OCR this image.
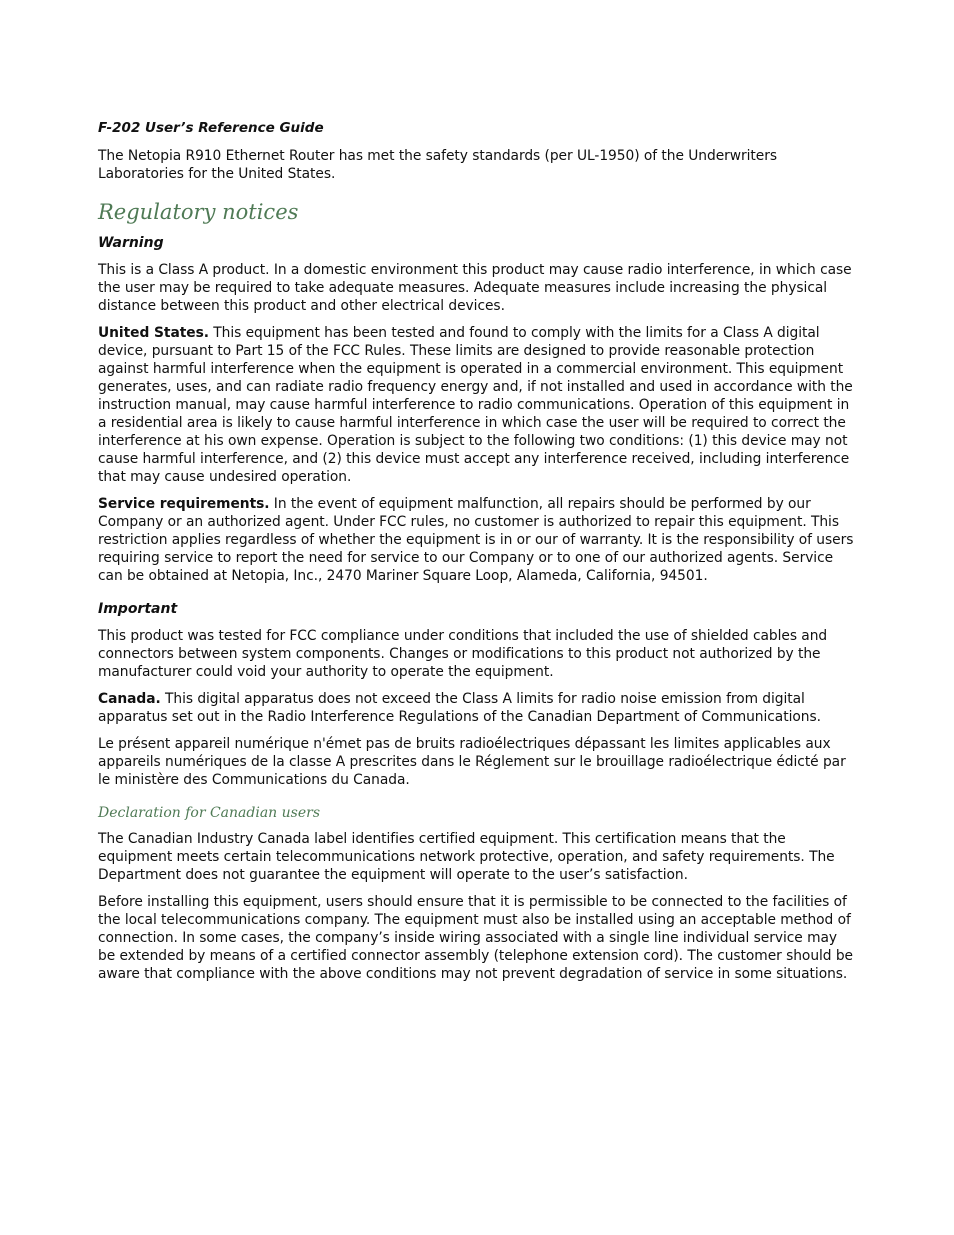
F-202 User’s Reference Guide

The Netopia R910 Ethernet Router has met the safety standards (per UL-1950) of the Underwriters Laboratories for the United States.

Regulatory notices
Warning

This is a Class A product. In a domestic environment this product may cause radio interference, in which case the user may be required to take adequate measures. Adequate measures include increasing the physical distance between this product and other electrical devices.

United States. This equipment has been tested and found to comply with the limits for a Class A digital device, pursuant to Part 15 of the FCC Rules. These limits are designed to provide reasonable protection against harmful interference when the equipment is operated in a commercial environment. This equipment generates, uses, and can radiate radio frequency energy and, if not installed and used in accordance with the instruction manual, may cause harmful interference to radio communications. Operation of this equipment in a residential area is likely to cause harmful interference in which case the user will be required to correct the interference at his own expense. Operation is subject to the following two conditions: (1) this device may not cause harmful interference, and (2) this device must accept any interference received, including interference that may cause undesired operation.

Service requirements. In the event of equipment malfunction, all repairs should be performed by our Company or an authorized agent. Under FCC rules, no customer is authorized to repair this equipment. This restriction applies regardless of whether the equipment is in or our of warranty. It is the responsibility of users requiring service to report the need for service to our Company or to one of our authorized agents. Service can be obtained at Netopia, Inc., 2470 Mariner Square Loop, Alameda, California, 94501.

Important

This product was tested for FCC compliance under conditions that included the use of shielded cables and connectors between system components. Changes or modifications to this product not authorized by the manufacturer could void your authority to operate the equipment.

Canada. This digital apparatus does not exceed the Class A limits for radio noise emission from digital apparatus set out in the Radio Interference Regulations of the Canadian Department of Communications.

Le présent appareil numérique n'émet pas de bruits radioélectriques dépassant les limites applicables aux appareils numériques de la classe A prescrites dans le Réglement sur le brouillage radioélectrique édicté par le ministère des Communications du Canada.

Declaration for Canadian users

The Canadian Industry Canada label identifies certified equipment. This certification means that the equipment meets certain telecommunications network protective, operation, and safety requirements. The Department does not guarantee the equipment will operate to the user’s satisfaction.

Before installing this equipment, users should ensure that it is permissible to be connected to the facilities of the local telecommunications company. The equipment must also be installed using an acceptable method of connection. In some cases, the company’s inside wiring associated with a single line individual service may be extended by means of a certified connector assembly (telephone extension cord). The customer should be aware that compliance with the above conditions may not prevent degradation of service in some situations.
